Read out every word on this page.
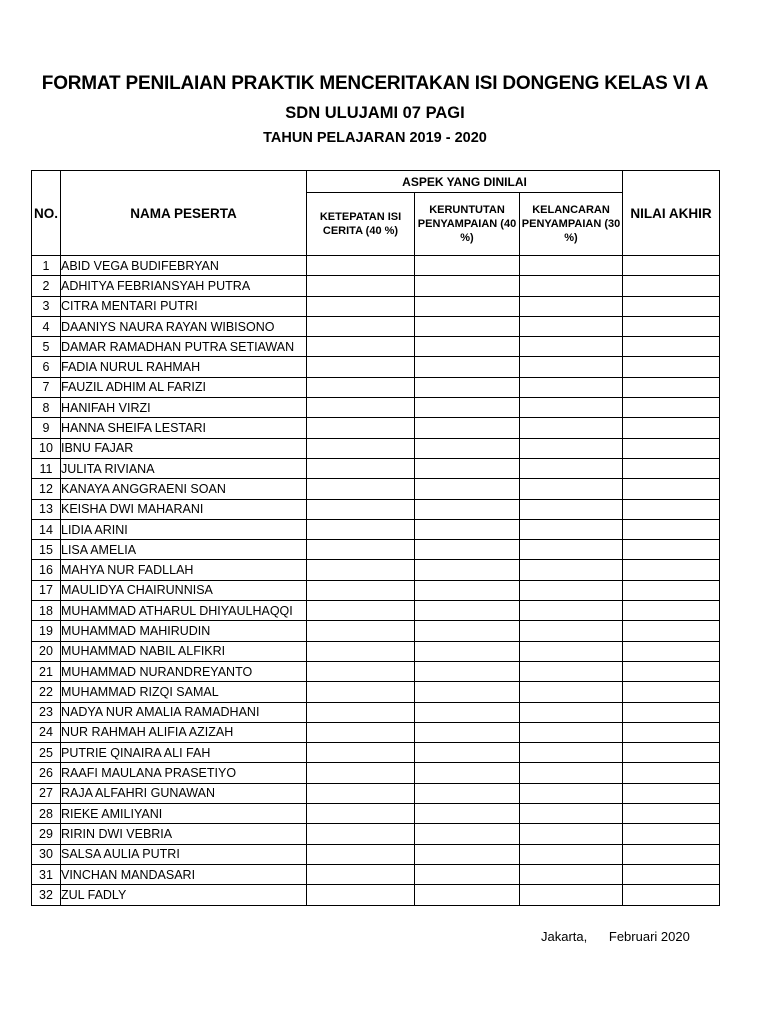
FORMAT PENILAIAN PRAKTIK MENCERITAKAN ISI DONGENG KELAS VI A
SDN ULUJAMI 07 PAGI
TAHUN PELAJARAN 2019 - 2020
NO.	NAMA PESERTA	ASPEK YANG DINILAI			NILAI AKHIR
		KETEPATAN ISI CERITA (40 %)	KERUNTUTAN PENYAMPAIAN (40 %)	KELANCARAN PENYAMPAIAN (30 %)	
1	ABID VEGA BUDIFEBRYAN				
2	ADHITYA FEBRIANSYAH PUTRA				
3	CITRA MENTARI PUTRI				
4	DAANIYS NAURA RAYAN WIBISONO				
5	DAMAR RAMADHAN PUTRA SETIAWAN				
6	FADIA NURUL RAHMAH				
7	FAUZIL ADHIM AL FARIZI				
8	HANIFAH VIRZI				
9	HANNA SHEIFA LESTARI				
10	IBNU FAJAR				
11	JULITA RIVIANA				
12	KANAYA ANGGRAENI SOAN				
13	KEISHA DWI MAHARANI				
14	LIDIA ARINI				
15	LISA AMELIA				
16	MAHYA NUR FADLLAH				
17	MAULIDYA CHAIRUNNISA				
18	MUHAMMAD ATHARUL DHIYAULHAQQI				
19	MUHAMMAD MAHIRUDIN				
20	MUHAMMAD NABIL ALFIKRI				
21	MUHAMMAD NURANDREYANTO				
22	MUHAMMAD RIZQI SAMAL				
23	NADYA NUR AMALIA RAMADHANI				
24	NUR RAHMAH ALIFIA AZIZAH				
25	PUTRIE QINAIRA ALI FAH				
26	RAAFI MAULANA PRASETIYO				
27	RAJA ALFAHRI GUNAWAN				
28	RIEKE AMILIYANI				
29	RIRIN DWI VEBRIA				
30	SALSA AULIA PUTRI				
31	VINCHAN MANDASARI				
32	ZUL FADLY				
Jakarta, Februari 2020
